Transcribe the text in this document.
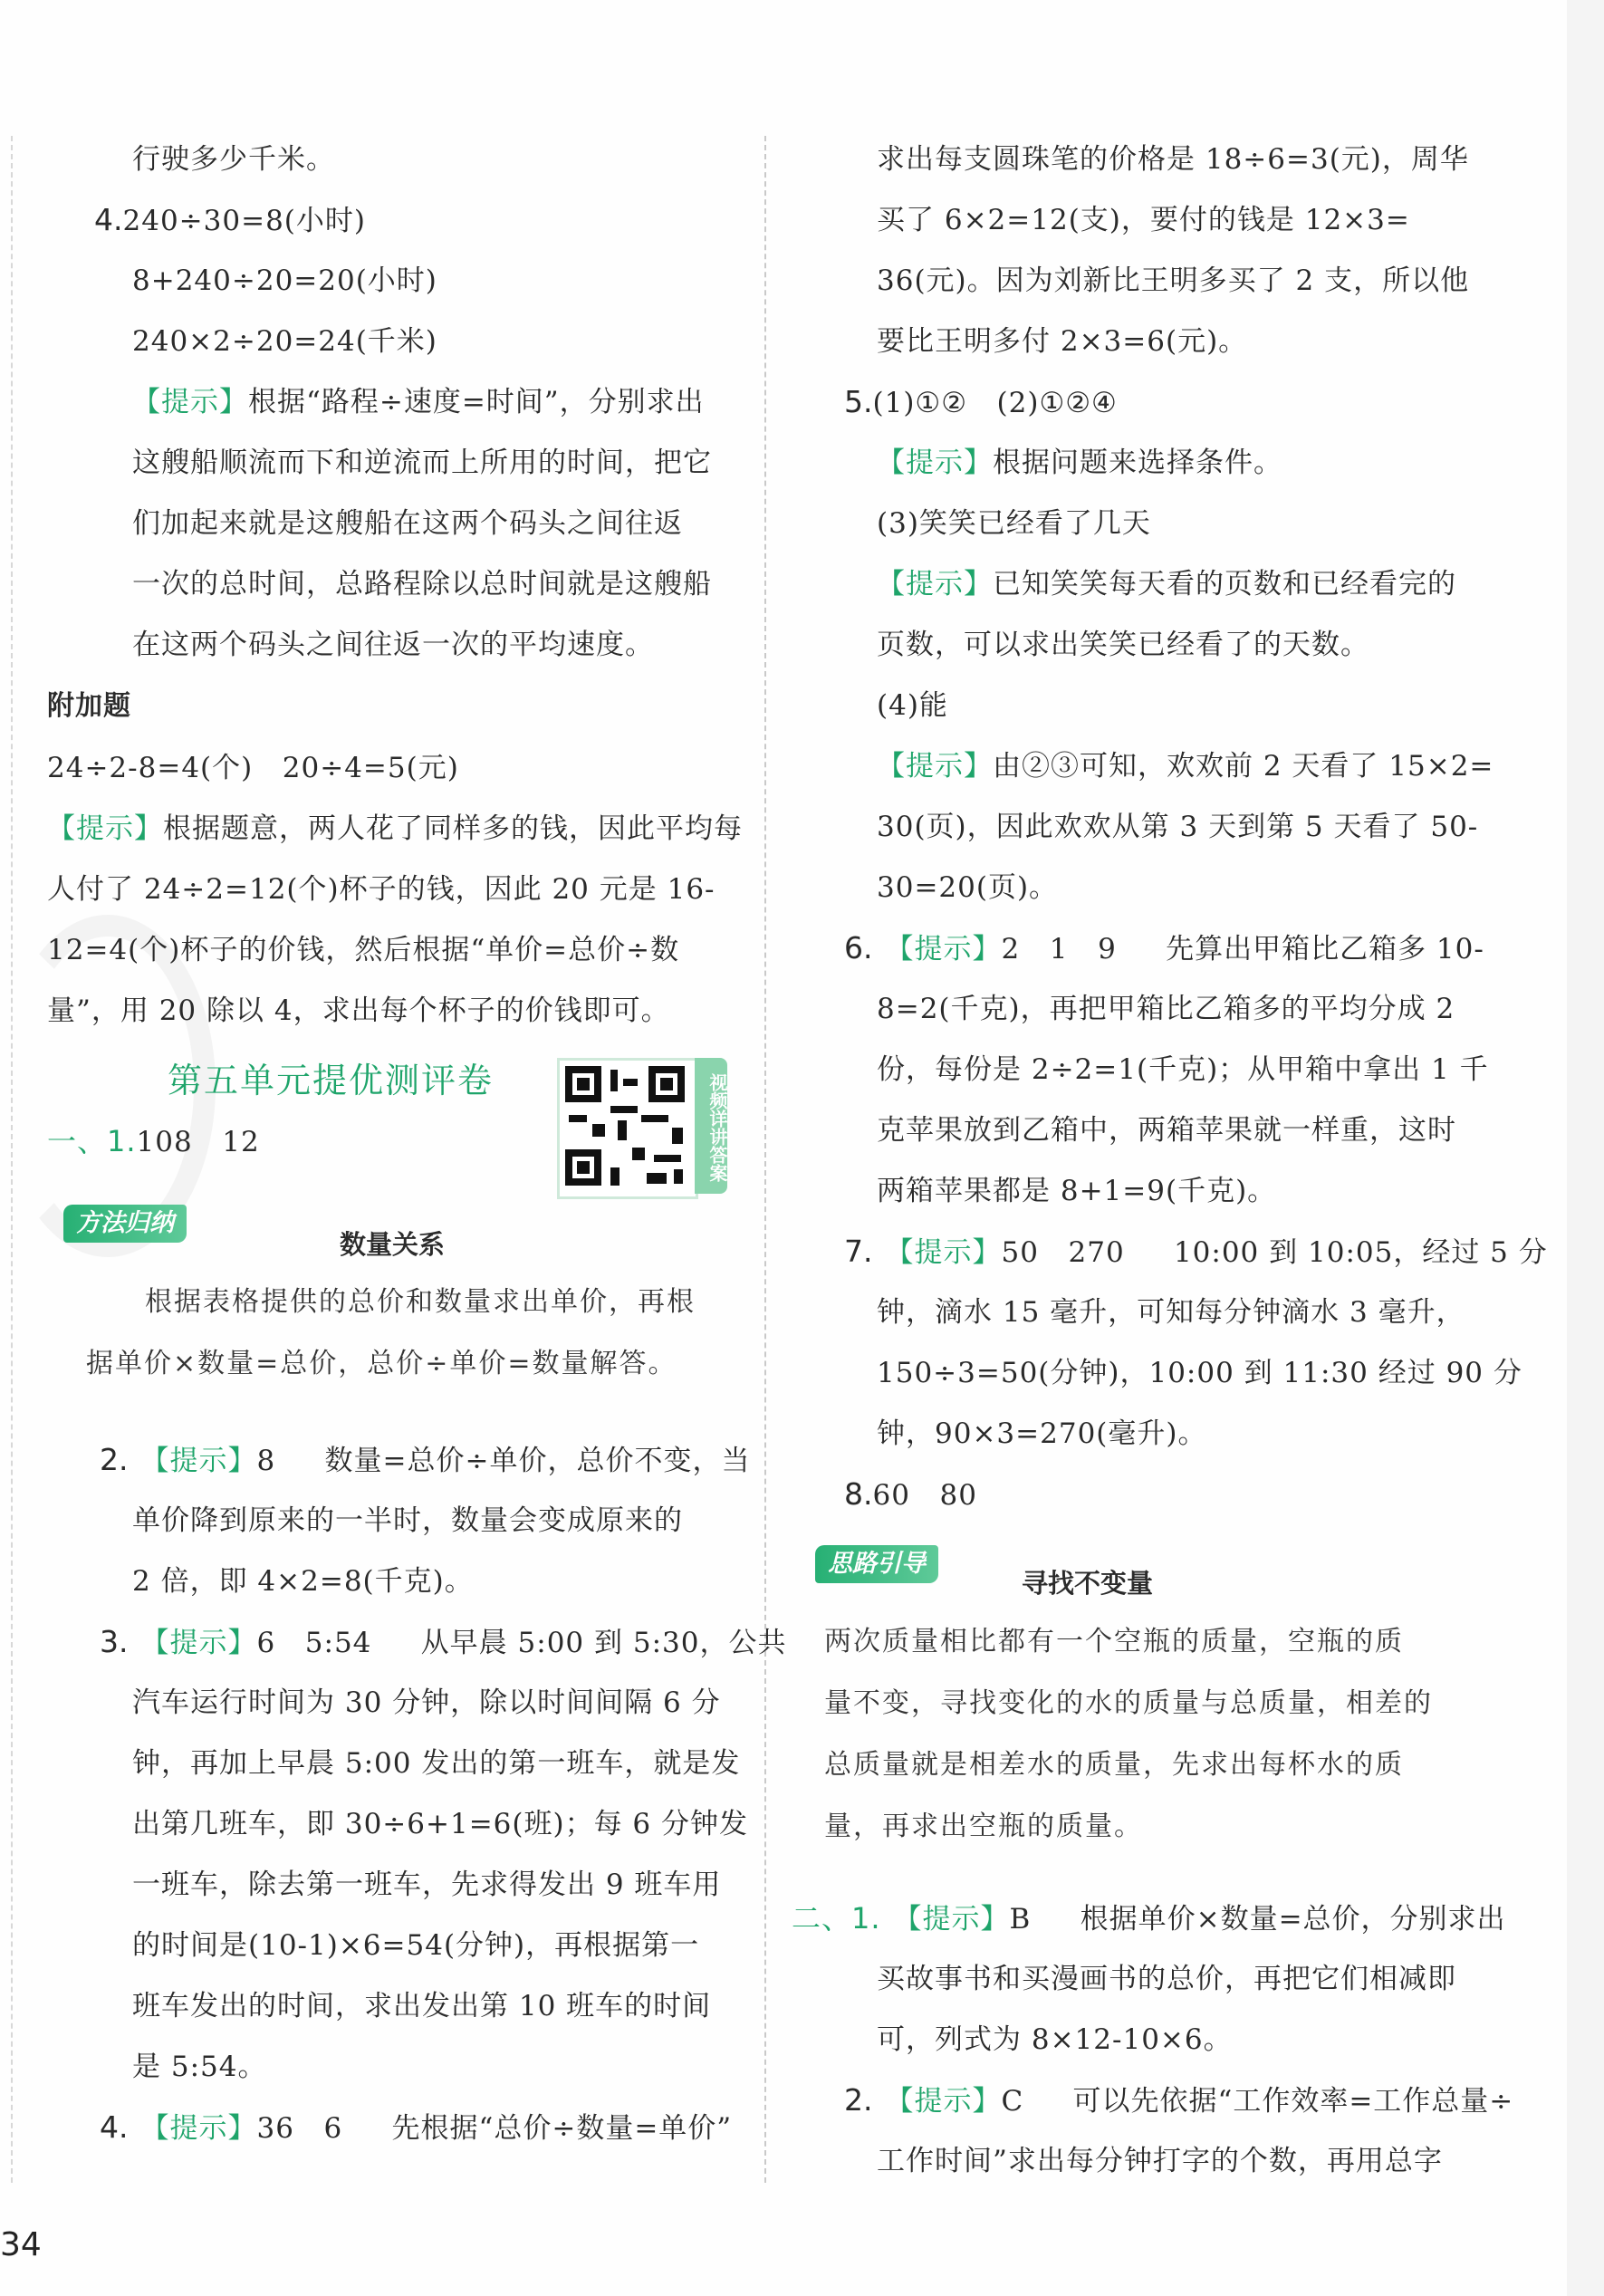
行驶多少千米。
4.240÷30=8(小时)
8+240÷20=20(小时)
240×2÷20=24(千米)
【提示】根据“路程÷速度=时间”，分别求出
这艘船顺流而下和逆流而上所用的时间，把它
们加起来就是这艘船在这两个码头之间往返
一次的总时间，总路程除以总时间就是这艘船
在这两个码头之间往返一次的平均速度。
附加题
24÷2-8=4(个)   20÷4=5(元)
【提示】根据题意，两人花了同样多的钱，因此平均每
人付了 24÷2=12(个)杯子的钱，因此 20 元是 16-
12=4(个)杯子的价钱，然后根据“单价=总价÷数
量”，用 20 除以 4，求出每个杯子的价钱即可。
第五单元提优测评卷
一、1.108   12
方法归纳
数量关系
根据表格提供的总价和数量求出单价，再根
据单价×数量=总价，总价÷单价=数量解答。
2. 【提示】8     数量=总价÷单价，总价不变，当
单价降到原来的一半时，数量会变成原来的
2 倍，即 4×2=8(千克)。
3. 【提示】6   5:54     从早晨 5:00 到 5:30，公共
汽车运行时间为 30 分钟，除以时间间隔 6 分
钟，再加上早晨 5:00 发出的第一班车，就是发
出第几班车，即 30÷6+1=6(班)；每 6 分钟发
一班车，除去第一班车，先求得发出 9 班车用
的时间是(10-1)×6=54(分钟)，再根据第一
班车发出的时间，求出发出第 10 班车的时间
是 5:54。
4. 【提示】36   6     先根据“总价÷数量=单价”
视频详讲答案
求出每支圆珠笔的价格是 18÷6=3(元)，周华
买了 6×2=12(支)，要付的钱是 12×3=
36(元)。因为刘新比王明多买了 2 支，所以他
要比王明多付 2×3=6(元)。
5.(1)①②   (2)①②④
【提示】根据问题来选择条件。
(3)笑笑已经看了几天
【提示】已知笑笑每天看的页数和已经看完的
页数，可以求出笑笑已经看了的天数。
(4)能
【提示】由②③可知，欢欢前 2 天看了 15×2=
30(页)，因此欢欢从第 3 天到第 5 天看了 50-
30=20(页)。
6. 【提示】2   1   9     先算出甲箱比乙箱多 10-
8=2(千克)，再把甲箱比乙箱多的平均分成 2
份，每份是 2÷2=1(千克)；从甲箱中拿出 1 千
克苹果放到乙箱中，两箱苹果就一样重，这时
两箱苹果都是 8+1=9(千克)。
7. 【提示】50   270     10:00 到 10:05，经过 5 分
钟，滴水 15 毫升，可知每分钟滴水 3 毫升，
150÷3=50(分钟)，10:00 到 11:30 经过 90 分
钟，90×3=270(毫升)。
8.60   80
思路引导
寻找不变量
两次质量相比都有一个空瓶的质量，空瓶的质
量不变，寻找变化的水的质量与总质量，相差的
总质量就是相差水的质量，先求出每杯水的质
量，再求出空瓶的质量。
二、1. 【提示】B     根据单价×数量=总价，分别求出
买故事书和买漫画书的总价，再把它们相减即
可，列式为 8×12-10×6。
2. 【提示】C     可以先依据“工作效率=工作总量÷
工作时间”求出每分钟打字的个数，再用总字
34
